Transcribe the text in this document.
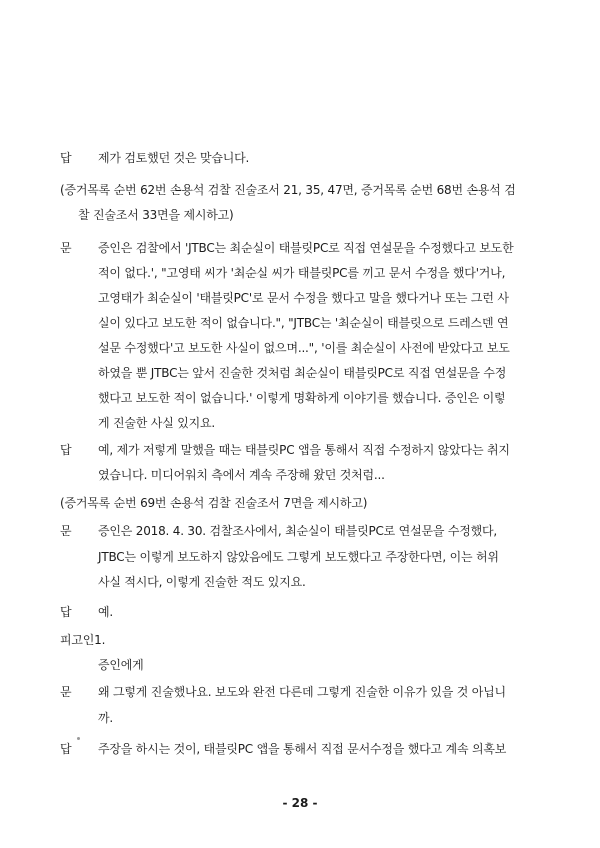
답 제가 검토했던 것은 맞습니다.
(증거목록 순번 62번 손용석 검찰 진술조서 21, 35, 47면, 증거목록 순번 68번 손용석 검
찰 진술조서 33면을 제시하고)
문 증인은 검찰에서 'JTBC는 최순실이 태블릿PC로 직접 연설문을 수정했다고 보도한
적이 없다.', "고영태 씨가 '최순실 씨가 태블릿PC를 끼고 문서 수정을 했다'거나,
고영태가 최순실이 '태블릿PC'로 문서 수정을 했다고 말을 했다거나 또는 그런 사
실이 있다고 보도한 적이 없습니다.", "JTBC는 '최순실이 태블릿으로 드레스덴 연
설문 수정했다'고 보도한 사실이 없으며...", '이를 최순실이 사전에 받았다고 보도
하였을 뿐 JTBC는 앞서 진술한 것처럼 최순실이 태블릿PC로 직접 연설문을 수정
했다고 보도한 적이 없습니다.' 이렇게 명확하게 이야기를 했습니다. 증인은 이렇
게 진술한 사실 있지요.
답 예, 제가 저렇게 말했을 때는 태블릿PC 앱을 통해서 직접 수정하지 않았다는 취지
였습니다. 미디어워치 측에서 계속 주장해 왔던 것처럼...
(증거목록 순번 69번 손용석 검찰 진술조서 7면을 제시하고)
문 증인은 2018. 4. 30. 검찰조사에서, 최순실이 태블릿PC로 연설문을 수정했다,
JTBC는 이렇게 보도하지 않았음에도 그렇게 보도했다고 주장한다면, 이는 허위
사실 적시다, 이렇게 진술한 적도 있지요.
답 예.
피고인1.
증인에게
문 왜 그렇게 진술했나요. 보도와 완전 다른데 그렇게 진술한 이유가 있을 것 아닙니
까.
답 주장을 하시는 것이, 태블릿PC 앱을 통해서 직접 문서수정을 했다고 계속 의혹보
- 28 -
